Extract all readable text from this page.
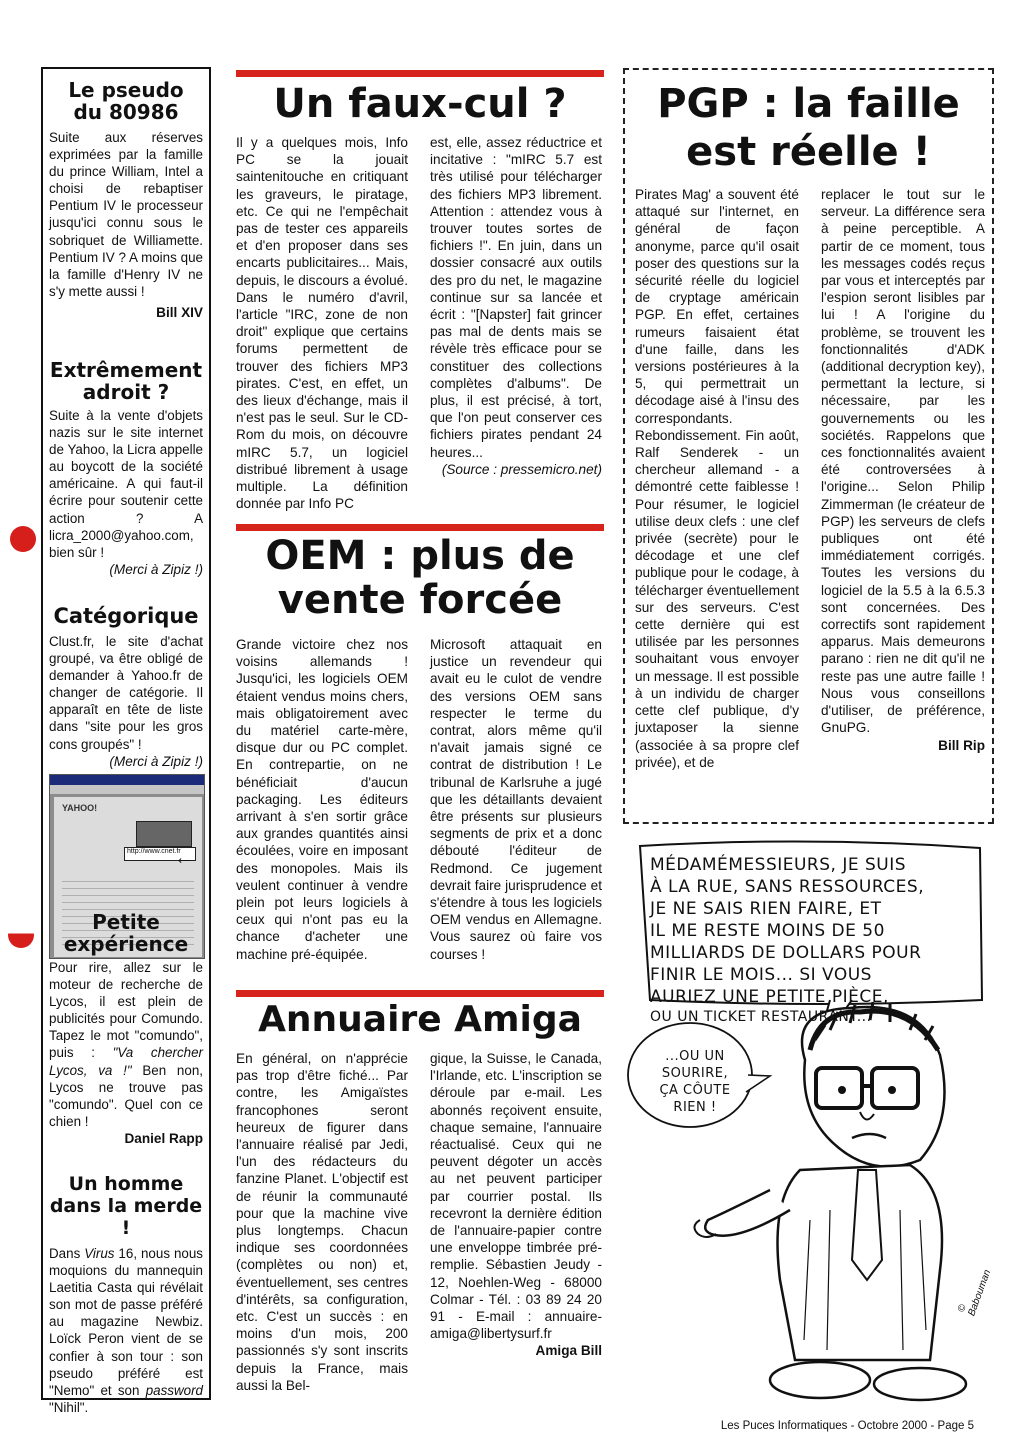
Le pseudo
du 80986

Suite aux réserves exprimées par la famille du prince William, Intel a choisi de rebaptiser Pentium IV le processeur jusqu'ici connu sous le sobriquet de Williamette. Pentium IV ? A moins que la famille d'Henry IV ne s'y mette aussi !

Bill XIV
Extrêmement
adroit ?

Suite à la vente d'objets nazis sur le site internet de Yahoo, la Licra appelle au boycott de la société américaine. A qui faut-il écrire pour soutenir cette action ? A licra_2000@yahoo.com, bien sûr !

(Merci à Zipiz !)
Catégorique

Clust.fr, le site d'achat groupé, va être obligé de demander à Yahoo.fr de changer de catégorie. Il apparaît en tête de liste dans "site pour les gros cons groupés" !

(Merci à Zipiz !)
YAHOO!
http://www.cnet.fr
←
Petite
expérience

Pour rire, allez sur le moteur de recherche de Lycos, il est plein de publicités pour Comundo. Tapez le mot "comundo", puis : "Va chercher Lycos, va !" Ben non, Lycos ne trouve pas "comundo". Quel con ce chien !

Daniel Rapp
Un homme
dans la merde !

Dans Virus 16, nous nous moquions du mannequin Laetitia Casta qui révélait son mot de passe préféré au magazine Newbiz. Loïck Peron vient de se confier à son tour : son pseudo préféré est "Nemo" et son password "Nihil".

Un faux-cul ?

Il y a quelques mois, Info PC se la jouait saintenitouche en critiquant les graveurs, le piratage, etc. Ce qui ne l'empêchait pas de tester ces appareils et d'en proposer dans ses encarts publicitaires... Mais, depuis, le discours a évolué. Dans le numéro d'avril, l'article "IRC, zone de non droit" explique que certains forums permettent de trouver des fichiers MP3 pirates. C'est, en effet, un des lieux d'échange, mais il n'est pas le seul. Sur le CD-Rom du mois, on découvre mIRC 5.7, un logiciel distribué librement à usage multiple. La définition donnée par Info PC

est, elle, assez réductrice et incitative : "mIRC 5.7 est très utilisé pour télécharger des fichiers MP3 librement. Attention : attendez vous à trouver toutes sortes de fichiers !". En juin, dans un dossier consacré aux outils des pro du net, le magazine continue sur sa lancée et écrit : "[Napster] fait grincer pas mal de dents mais se révèle très efficace pour se constituer des collections complètes d'albums". De plus, il est précisé, à tort, que l'on peut conserver ces fichiers pirates pendant 24 heures...

(Source : pressemicro.net)
OEM : plus de
vente forcée

Grande victoire chez nos voisins allemands ! Jusqu'ici, les logiciels OEM étaient vendus moins chers, mais obligatoirement avec du matériel carte-mère, disque dur ou PC complet. En contrepartie, on ne bénéficiait d'aucun packaging. Les éditeurs arrivant à s'en sortir grâce aux grandes quantités ainsi écoulées, voire en imposant des monopoles. Mais ils veulent continuer à vendre plein pot leurs logiciels à ceux qui n'ont pas eu la chance d'acheter une machine pré-équipée.

Microsoft attaquait en justice un revendeur qui avait eu le culot de vendre des versions OEM sans respecter le terme du contrat, alors même qu'il n'avait jamais signé ce contrat de distribution ! Le tribunal de Karlsruhe a jugé que les détaillants devaient être présents sur plusieurs segments de prix et a donc débouté l'éditeur de Redmond. Ce jugement devrait faire jurisprudence et s'étendre à tous les logiciels OEM vendus en Allemagne. Vous saurez où faire vos courses !

Annuaire Amiga

En général, on n'apprécie pas trop d'être fiché... Par contre, les Amigaïstes francophones seront heureux de figurer dans l'annuaire réalisé par Jedi, l'un des rédacteurs du fanzine Planet. L'objectif est de réunir la communauté pour que la machine vive plus longtemps. Chacun indique ses coordonnées (complètes ou non) et, éventuellement, ses centres d'intérêts, sa configuration, etc. C'est un succès : en moins d'un mois, 200 passionnés s'y sont inscrits depuis la France, mais aussi la Bel-

gique, la Suisse, le Canada, l'Irlande, etc. L'inscription se déroule par e-mail. Les abonnés reçoivent ensuite, chaque semaine, l'annuaire réactualisé. Ceux qui ne peuvent dégoter un accès au net peuvent participer par courrier postal. Ils recevront la dernière édition de l'annuaire-papier contre une enveloppe timbrée pré-remplie. Sébastien Jeudy - 12, Noehlen-Weg - 68000 Colmar - Tél. : 03 89 24 20 91 - E-mail : annuaire-amiga@libertysurf.fr

Amiga Bill
PGP : la faille
est réelle !

Pirates Mag' a souvent été attaqué sur l'internet, en général de façon anonyme, parce qu'il osait poser des questions sur la sécurité réelle du logiciel de cryptage américain PGP. En effet, certaines rumeurs faisaient état d'une faille, dans les versions postérieures à la 5, qui permettrait un décodage aisé à l'insu des correspondants. Rebondissement. Fin août, Ralf Senderek - un chercheur allemand - a démontré cette faiblesse ! Pour résumer, le logiciel utilise deux clefs : une clef privée (secrète) pour le décodage et une clef publique pour le codage, à télécharger éventuellement sur des serveurs. C'est cette dernière qui est utilisée par les personnes souhaitant vous envoyer un message. Il est possible à un individu de charger cette clef publique, d'y juxtaposer la sienne (associée à sa propre clef privée), et de

replacer le tout sur le serveur. La différence sera à peine perceptible. A partir de ce moment, tous les messages codés reçus par vous et interceptés par l'espion seront lisibles par lui ! A l'origine du problème, se trouvent les fonctionnalités d'ADK (additional decryption key), permettant la lecture, si nécessaire, par les gouvernements ou les sociétés. Rappelons que ces fonctionnalités avaient été controversées à l'origine... Selon Philip Zimmerman (le créateur de PGP) les serveurs de clefs publiques ont été immédiatement corrigés. Toutes les versions du logiciel de la 5.5 à la 6.5.3 sont concernées. Des correctifs sont rapidement apparus. Mais demeurons parano : rien ne dit qu'il ne reste pas une autre faille ! Nous vous conseillons d'utiliser, de préférence, GnuPG.

Bill Rip
MÉDAMÉMESSIEURS, JE SUIS
À LA RUE, SANS RESSOURCES,
JE NE SAIS RIEN FAIRE, ET
IL ME RESTE MOINS DE 50
MILLIARDS DE DOLLARS POUR
FINIR LE MOIS... SI VOUS
AURIEZ UNE PETITE PIÈCE,
OU UN TICKET RESTAURANT...
...OU UN
SOURIRE,
ÇA CÔUTE
RIEN !
© Babouman
Les Puces Informatiques - Octobre 2000 - Page 5
